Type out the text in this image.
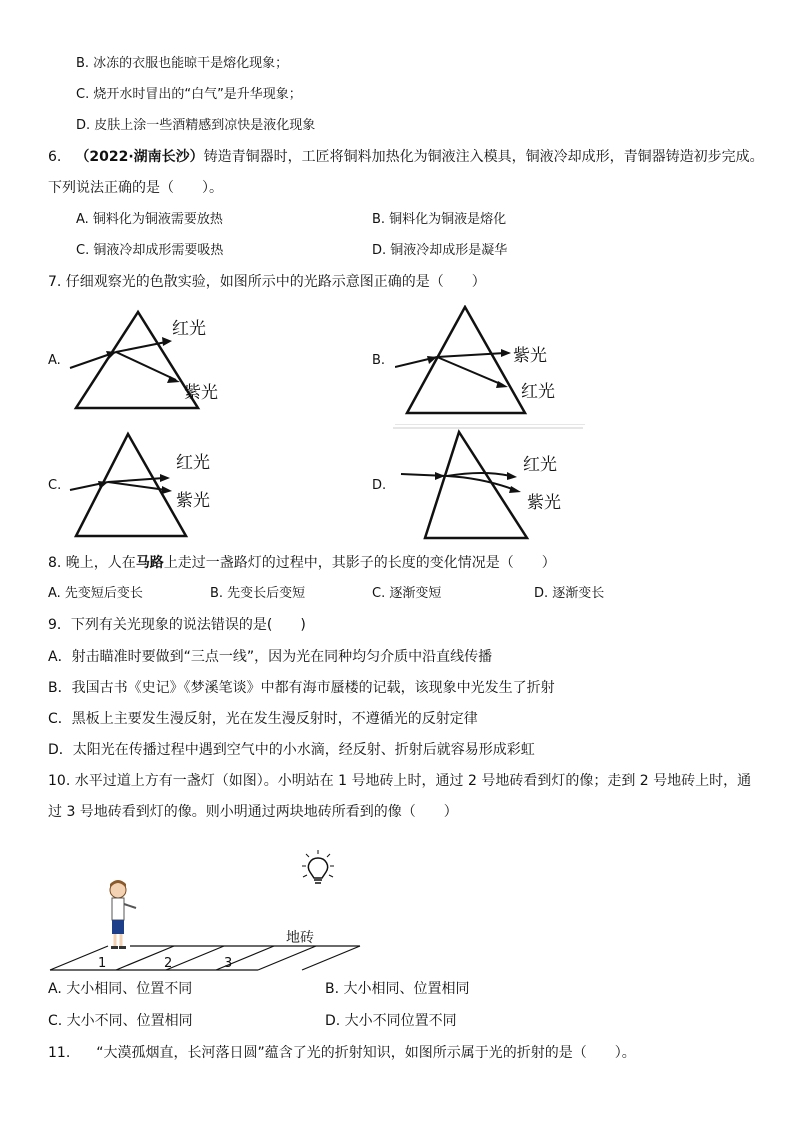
B. 冰冻的衣服也能晾干是熔化现象；
C. 烧开水时冒出的“白气”是升华现象；
D. 皮肤上涂一些酒精感到凉快是液化现象
6. （2022·湖南长沙）铸造青铜器时，工匠将铜料加热化为铜液注入模具，铜液冷却成形，青铜器铸造初步完成。
下列说法正确的是（　　）。
A. 铜料化为铜液需要放热	B. 铜料化为铜液是熔化
C. 铜液冷却成形需要吸热	D. 铜液冷却成形是凝华
7. 仔细观察光的色散实验，如图所示中的光路示意图正确的是（　　）
A.
红光
紫光
B.	紫光
红光
C.
红光
紫光
D.
红光
紫光
8. 晚上，人在马路上走过一盏路灯的过程中，其影子的长度的变化情况是（　　）
A. 先变短后变长	B. 先变长后变短	C. 逐渐变短	D. 逐渐变长
9．下列有关光现象的说法错误的是(　　)
A．射击瞄准时要做到“三点一线”，因为光在同种均匀介质中沿直线传播
B．我国古书《史记》《梦溪笔谈》中都有海市蜃楼的记载，该现象中光发生了折射
C．黑板上主要发生漫反射，光在发生漫反射时，不遵循光的反射定律
D．太阳光在传播过程中遇到空气中的小水滴，经反射、折射后就容易形成彩虹
10. 水平过道上方有一盏灯（如图）。小明站在 1 号地砖上时，通过 2 号地砖看到灯的像；走到 2 号地砖上时，通
过 3 号地砖看到灯的像。则小明通过两块地砖所看到的像（　　）
地砖
1	2	3
A. 大小相同、位置不同	B. 大小相同、位置相同
C. 大小不同、位置相同	D. 大小不同位置不同
11. “大漠孤烟直，长河落日圆”蕴含了光的折射知识，如图所示属于光的折射的是（　　）。
